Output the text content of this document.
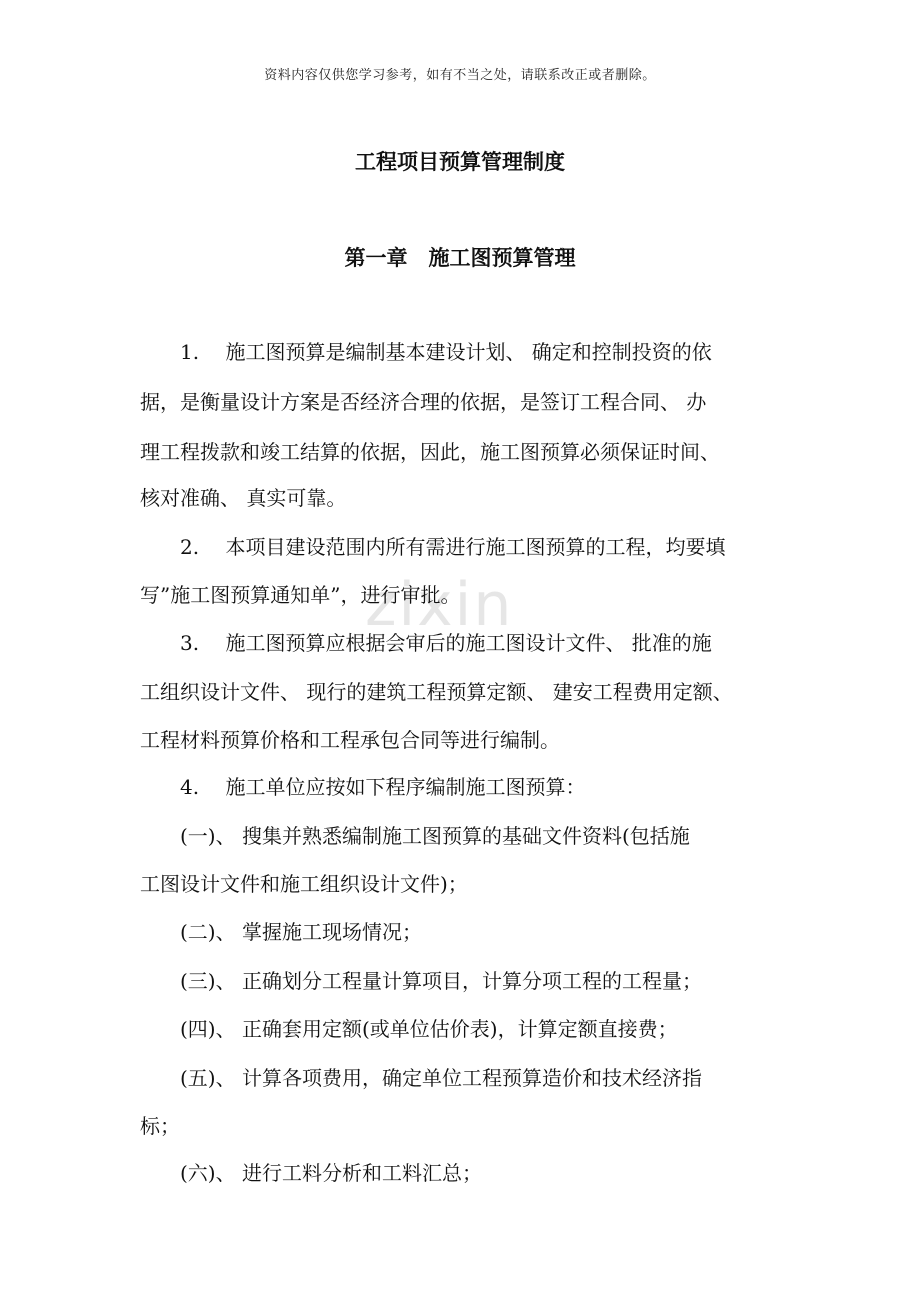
zixin
资料内容仅供您学习参考，如有不当之处，请联系改正或者删除。
工程项目预算管理制度
第一章　施工图预算管理
　　1.　 施工图预算是编制基本建设计划、 确定和控制投资的依
据，是衡量设计方案是否经济合理的依据，是签订工程合同、 办
理工程拨款和竣工结算的依据，因此，施工图预算必须保证时间、
核对准确、 真实可靠。
　　2.　 本项目建设范围内所有需进行施工图预算的工程，均要填
写”施工图预算通知单”，进行审批。
　　3.　 施工图预算应根据会审后的施工图设计文件、 批准的施
工组织设计文件、 现行的建筑工程预算定额、 建安工程费用定额、
工程材料预算价格和工程承包合同等进行编制。
　　4.　 施工单位应按如下程序编制施工图预算：
　　(一)、 搜集并熟悉编制施工图预算的基础文件资料(包括施
工图设计文件和施工组织设计文件)；
　　(二)、 掌握施工现场情况；
　　(三)、 正确划分工程量计算项目，计算分项工程的工程量；
　　(四)、 正确套用定额(或单位估价表)，计算定额直接费；
　　(五)、 计算各项费用，确定单位工程预算造价和技术经济指
标；
　　(六)、 进行工料分析和工料汇总；
